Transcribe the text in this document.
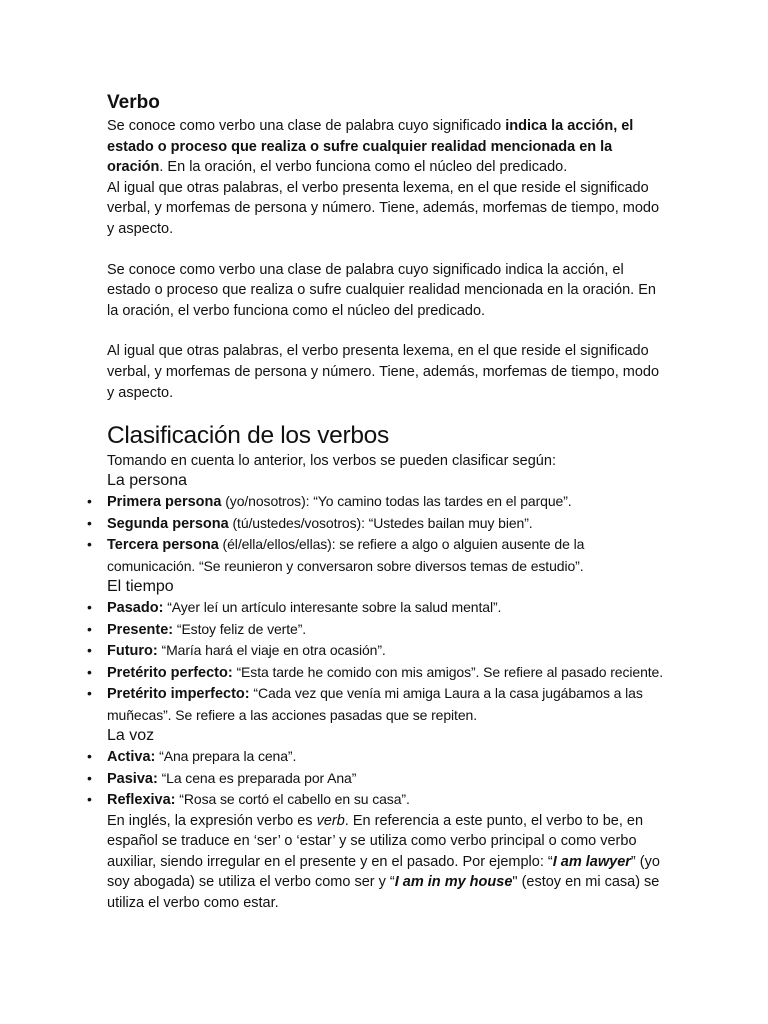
Verbo

Se conoce como verbo una clase de palabra cuyo significado indica la acción, el estado o proceso que realiza o sufre cualquier realidad mencionada en la oración. En la oración, el verbo funciona como el núcleo del predicado.

Al igual que otras palabras, el verbo presenta lexema, en el que reside el significado verbal, y morfemas de persona y número. Tiene, además, morfemas de tiempo, modo y aspecto.

Se conoce como verbo una clase de palabra cuyo significado indica la acción, el estado o proceso que realiza o sufre cualquier realidad mencionada en la oración. En la oración, el verbo funciona como el núcleo del predicado.

Al igual que otras palabras, el verbo presenta lexema, en el que reside el significado verbal, y morfemas de persona y número. Tiene, además, morfemas de tiempo, modo y aspecto.

Clasificación de los verbos

Tomando en cuenta lo anterior, los verbos se pueden clasificar según:

La persona
• Primera persona (yo/nosotros): “Yo camino todas las tardes en el parque”.
• Segunda persona (tú/ustedes/vosotros): “Ustedes bailan muy bien”.
• Tercera persona (él/ella/ellos/ellas): se refiere a algo o alguien ausente de la comunicación. “Se reunieron y conversaron sobre diversos temas de estudio”.
El tiempo
• Pasado: “Ayer leí un artículo interesante sobre la salud mental”.
• Presente: “Estoy feliz de verte”.
• Futuro: “María hará el viaje en otra ocasión”.
• Pretérito perfecto: “Esta tarde he comido con mis amigos”. Se refiere al pasado reciente.
• Pretérito imperfecto: “Cada vez que venía mi amiga Laura a la casa jugábamos a las muñecas”. Se refiere a las acciones pasadas que se repiten.
La voz
• Activa: “Ana prepara la cena”.
• Pasiva: “La cena es preparada por Ana”
• Reflexiva: “Rosa se cortó el cabello en su casa”.

En inglés, la expresión verbo es verb. En referencia a este punto, el verbo to be, en español se traduce en ‘ser’ o ‘estar’ y se utiliza como verbo principal o como verbo auxiliar, siendo irregular en el presente y en el pasado. Por ejemplo: “I am lawyer” (yo soy abogada) se utiliza el verbo como ser y “I am in my house" (estoy en mi casa) se utiliza el verbo como estar.
